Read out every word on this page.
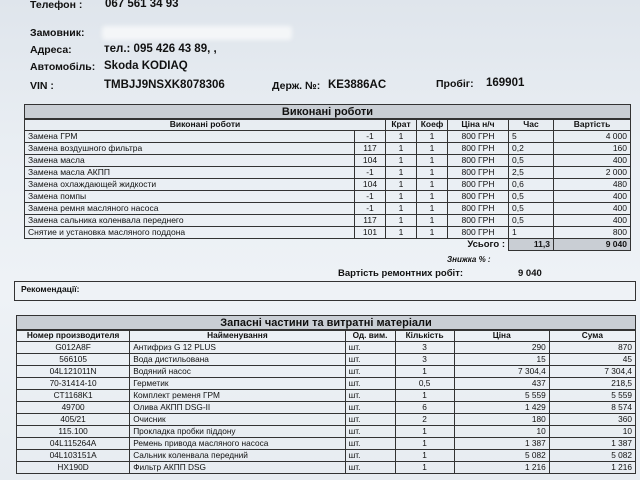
Телефон : 067 561 34 93
Замовник:
Адреса:	тел.: 095 426 43 89, ,
Автомобіль: Skoda KODIAQ
VIN :	TMBJJ9NSXK8078306	Держ. №: KE3886AC	Пробіг: 169901
Виконані роботи
Виконані роботи		Крат	Коеф	Ціна н/ч	Час	Вартість
Замена ГРМ	-1	1	1	800 ГРН	5	4 000
Замена воздушного фильтра	117	1	1	800 ГРН	0,2	160
Замена масла	104	1	1	800 ГРН	0,5	400
Замена масла АКПП	-1	1	1	800 ГРН	2,5	2 000
Замена охлаждающей жидкости	104	1	1	800 ГРН	0,6	480
Замена помпы	-1	1	1	800 ГРН	0,5	400
Замена ремня масляного насоса	-1	1	1	800 ГРН	0,5	400
Замена сальника коленвала переднего	117	1	1	800 ГРН	0,5	400
Снятие и установка масляного поддона	101	1	1	800 ГРН	1	800
Усього :					11,3	9 040
Знижка % :
Вартість ремонтних робіт:	9 040
Рекомендації:
Запасні частини та витратні матеріали
Номер производителя	Найменування	Од. вим.	Кількість	Ціна	Сума
G012A8F	Антифриз G 12 PLUS	шт.	3	290	870
566105	Вода дистильована	шт.	3	15	45
04L121011N	Водяний насос	шт.	1	7 304,4	7 304,4
70-31414-10	Герметик	шт.	0,5	437	218,5
CT1168K1	Комплект ременя ГРМ	шт.	1	5 559	5 559
49700	Олива АКПП DSG-II	шт.	6	1 429	8 574
405/21	Очисник	шт.	2	180	360
115.100	Прокладка пробки піддону	шт.	1	10	10
04L115264A	Ремень привода масляного насоса	шт.	1	1 387	1 387
04L103151A	Сальник коленвала передний	шт.	1	5 082	5 082
HX190D	Фильтр АКПП DSG	шт.	1	1 216	1 216
